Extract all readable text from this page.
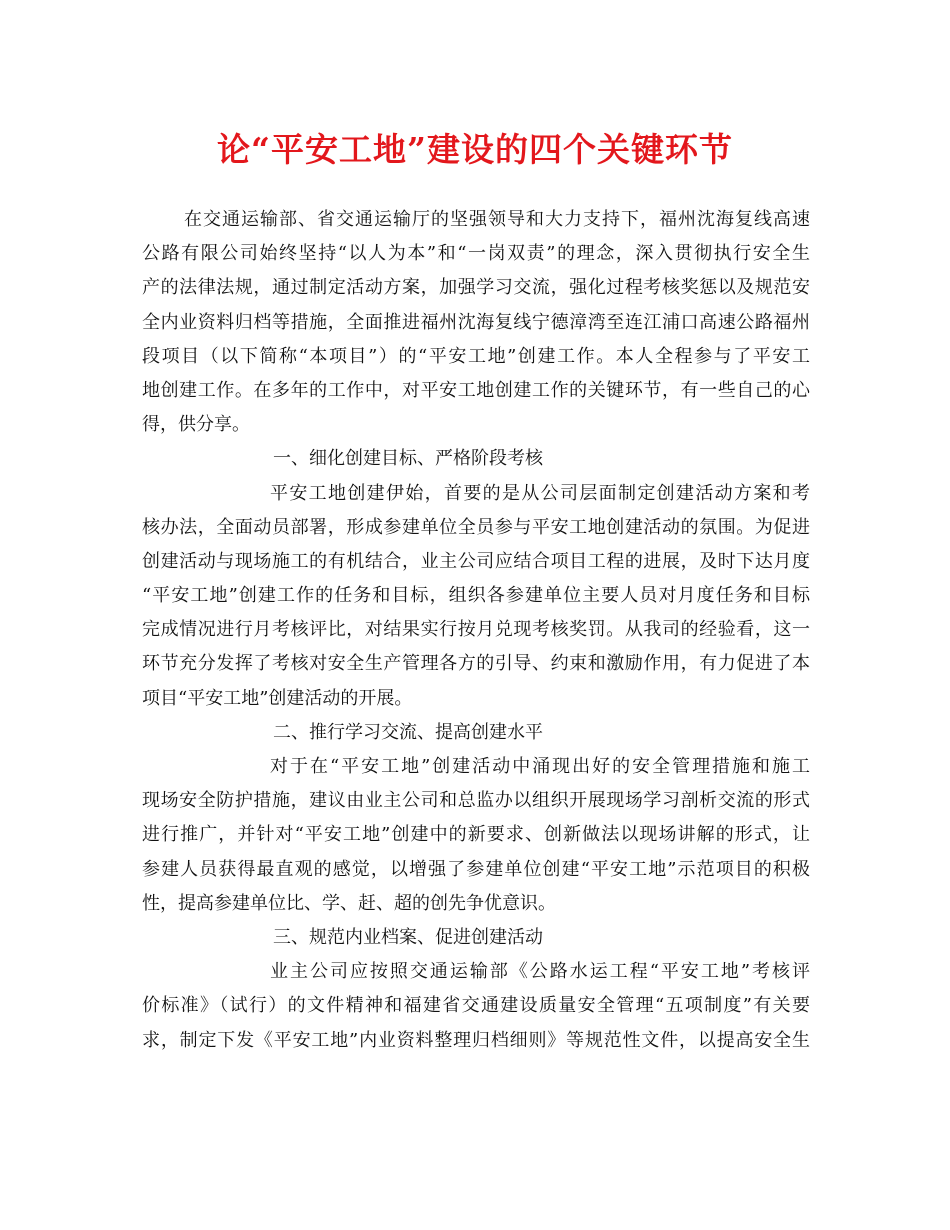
论“平安工地”建设的四个关键环节
在交通运输部、省交通运输厅的坚强领导和大力支持下，福州沈海复线高速
公路有限公司始终坚持“以人为本”和“一岗双责”的理念，深入贯彻执行安全生
产的法律法规，通过制定活动方案，加强学习交流，强化过程考核奖惩以及规范安
全内业资料归档等措施，全面推进福州沈海复线宁德漳湾至连江浦口高速公路福州
段项目（以下简称“本项目”）的“平安工地”创建工作。本人全程参与了平安工
地创建工作。在多年的工作中，对平安工地创建工作的关键环节，有一些自己的心
得，供分享。
一、细化创建目标、严格阶段考核
平安工地创建伊始，首要的是从公司层面制定创建活动方案和考
核办法，全面动员部署，形成参建单位全员参与平安工地创建活动的氛围。为促进
创建活动与现场施工的有机结合，业主公司应结合项目工程的进展，及时下达月度
“平安工地”创建工作的任务和目标，组织各参建单位主要人员对月度任务和目标
完成情况进行月考核评比，对结果实行按月兑现考核奖罚。从我司的经验看，这一
环节充分发挥了考核对安全生产管理各方的引导、约束和激励作用，有力促进了本
项目“平安工地”创建活动的开展。
二、推行学习交流、提高创建水平
对于在“平安工地”创建活动中涌现出好的安全管理措施和施工
现场安全防护措施，建议由业主公司和总监办以组织开展现场学习剖析交流的形式
进行推广，并针对“平安工地”创建中的新要求、创新做法以现场讲解的形式，让
参建人员获得最直观的感觉，以增强了参建单位创建“平安工地”示范项目的积极
性，提高参建单位比、学、赶、超的创先争优意识。
三、规范内业档案、促进创建活动
业主公司应按照交通运输部《公路水运工程“平安工地”考核评
价标准》（试行）的文件精神和福建省交通建设质量安全管理“五项制度”有关要
求，制定下发《平安工地”内业资料整理归档细则》等规范性文件，以提高安全生
